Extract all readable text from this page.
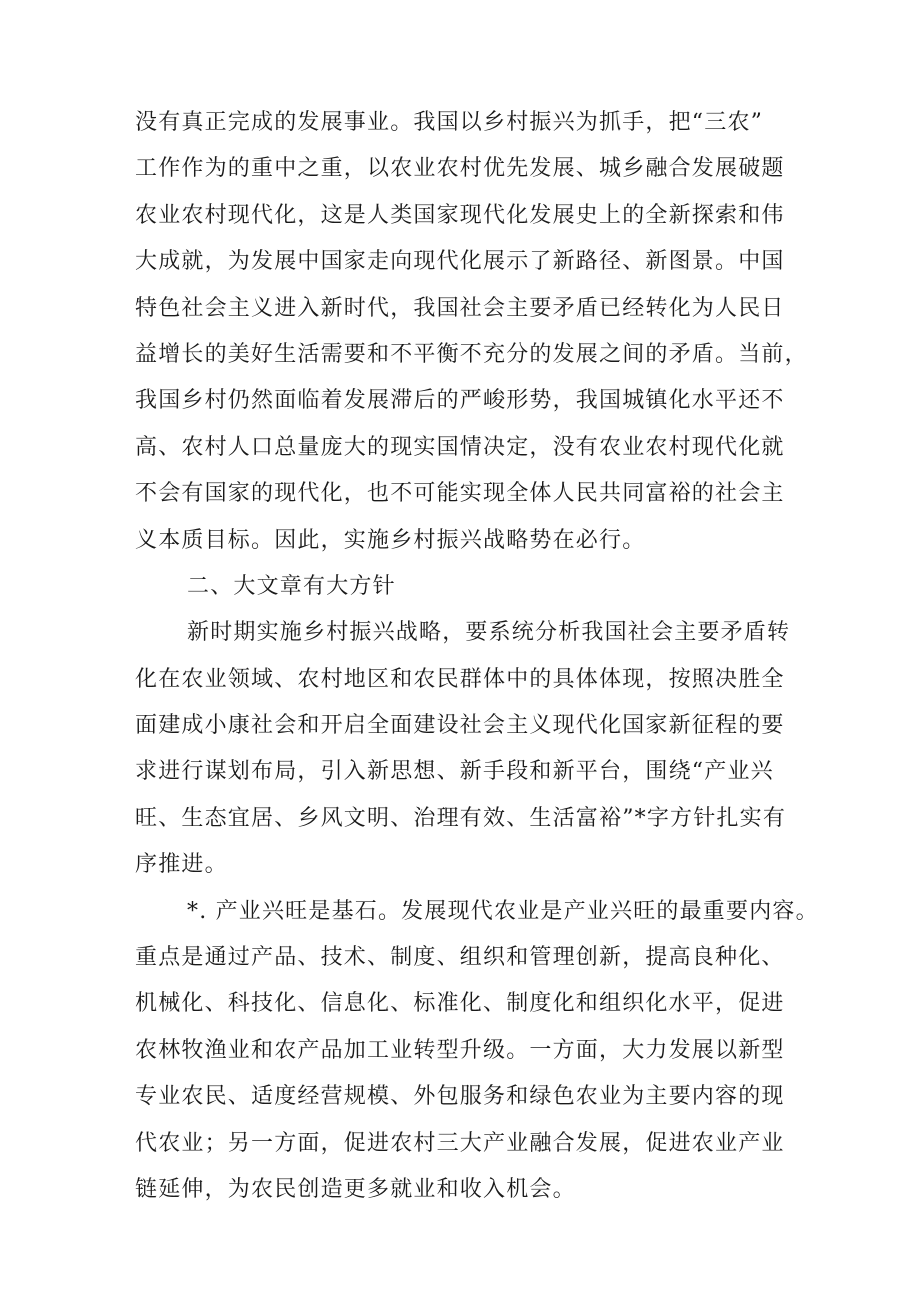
没有真正完成的发展事业。我国以乡村振兴为抓手，把“三农”
工作作为的重中之重，以农业农村优先发展、城乡融合发展破题
农业农村现代化，这是人类国家现代化发展史上的全新探索和伟
大成就，为发展中国家走向现代化展示了新路径、新图景。中国
特色社会主义进入新时代，我国社会主要矛盾已经转化为人民日
益增长的美好生活需要和不平衡不充分的发展之间的矛盾。当前，
我国乡村仍然面临着发展滞后的严峻形势，我国城镇化水平还不
高、农村人口总量庞大的现实国情决定，没有农业农村现代化就
不会有国家的现代化，也不可能实现全体人民共同富裕的社会主
义本质目标。因此，实施乡村振兴战略势在必行。
二、大文章有大方针
新时期实施乡村振兴战略，要系统分析我国社会主要矛盾转
化在农业领域、农村地区和农民群体中的具体体现，按照决胜全
面建成小康社会和开启全面建设社会主义现代化国家新征程的要
求进行谋划布局，引入新思想、新手段和新平台，围绕“产业兴
旺、生态宜居、乡风文明、治理有效、生活富裕”*字方针扎实有
序推进。
*. 产业兴旺是基石。发展现代农业是产业兴旺的最重要内容。
重点是通过产品、技术、制度、组织和管理创新，提高良种化、
机械化、科技化、信息化、标准化、制度化和组织化水平，促进
农林牧渔业和农产品加工业转型升级。一方面，大力发展以新型
专业农民、适度经营规模、外包服务和绿色农业为主要内容的现
代农业；另一方面，促进农村三大产业融合发展，促进农业产业
链延伸，为农民创造更多就业和收入机会。
